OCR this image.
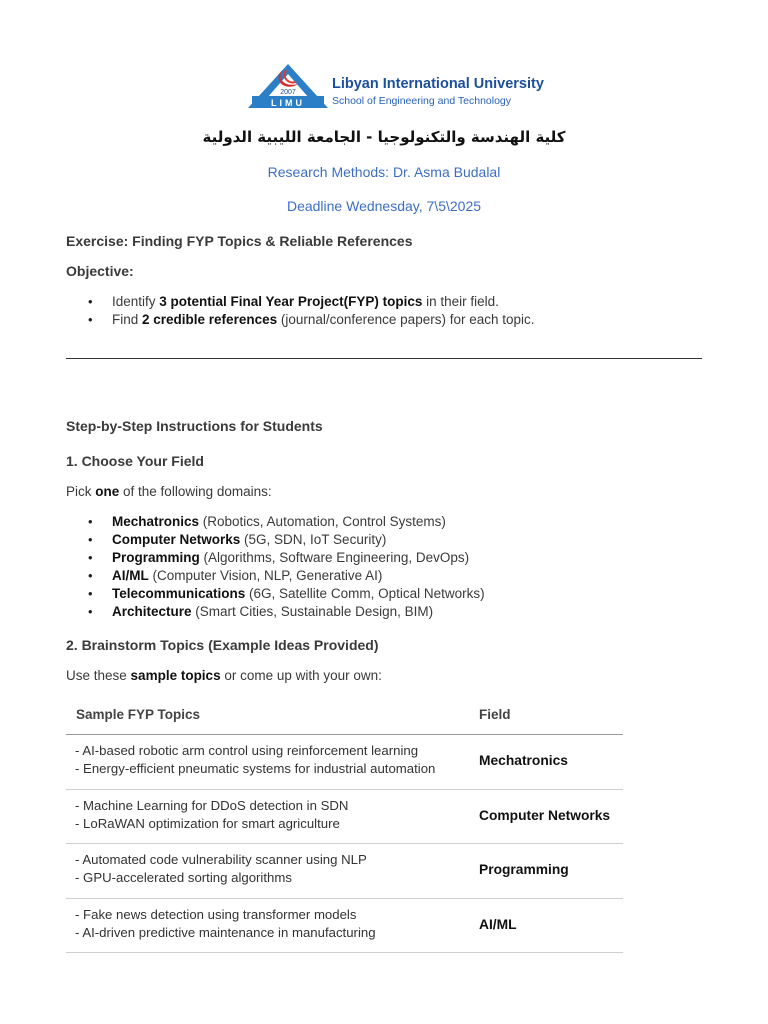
2007
LIMU
Libyan International University
School of Engineering and Technology
كلية الهندسة والتكنولوجيا - الجامعة الليبية الدولية
Research Methods: Dr. Asma Budalal
Deadline Wednesday, 7\5\2025
Exercise: Finding FYP Topics & Reliable References
Objective:
• Identify 3 potential Final Year Project(FYP) topics in their field.
• Find 2 credible references (journal/conference papers) for each topic.
Step-by-Step Instructions for Students
1. Choose Your Field
Pick one of the following domains:
• Mechatronics (Robotics, Automation, Control Systems)
• Computer Networks (5G, SDN, IoT Security)
• Programming (Algorithms, Software Engineering, DevOps)
• AI/ML (Computer Vision, NLP, Generative AI)
• Telecommunications (6G, Satellite Comm, Optical Networks)
• Architecture (Smart Cities, Sustainable Design, BIM)
2. Brainstorm Topics (Example Ideas Provided)
Use these sample topics or come up with your own:
Sample FYP Topics	Field
- AI-based robotic arm control using reinforcement learning
- Energy-efficient pneumatic systems for industrial automation
Mechatronics
- Machine Learning for DDoS detection in SDN
- LoRaWAN optimization for smart agriculture
Computer Networks
- Automated code vulnerability scanner using NLP
- GPU-accelerated sorting algorithms
Programming
- Fake news detection using transformer models
- AI-driven predictive maintenance in manufacturing
AI/ML
